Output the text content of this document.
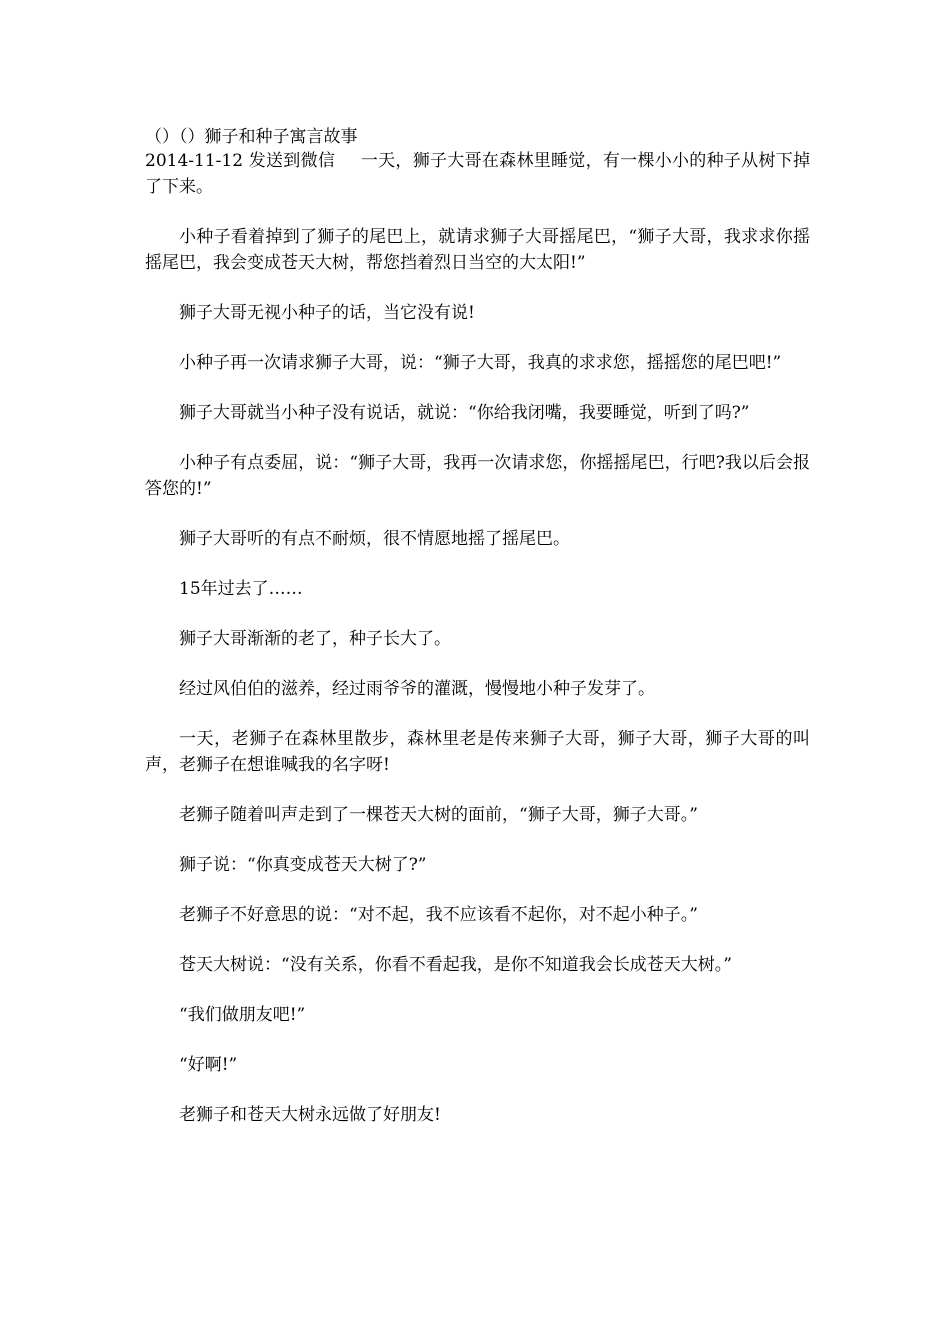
（）（）狮子和种子寓言故事

2014-11-12 发送到微信 一天，狮子大哥在森林里睡觉，有一棵小小的种子从树下掉了下来。

小种子看着掉到了狮子的尾巴上，就请求狮子大哥摇尾巴，“狮子大哥，我求求你摇摇尾巴，我会变成苍天大树，帮您挡着烈日当空的大太阳!”

狮子大哥无视小种子的话，当它没有说!

小种子再一次请求狮子大哥，说：“狮子大哥，我真的求求您，摇摇您的尾巴吧!”

狮子大哥就当小种子没有说话，就说：“你给我闭嘴，我要睡觉，听到了吗?”

小种子有点委屈，说：“狮子大哥，我再一次请求您，你摇摇尾巴，行吧?我以后会报答您的!”

狮子大哥听的有点不耐烦，很不情愿地摇了摇尾巴。

15年过去了……

狮子大哥渐渐的老了，种子长大了。

经过风伯伯的滋养，经过雨爷爷的灌溉，慢慢地小种子发芽了。

一天，老狮子在森林里散步，森林里老是传来狮子大哥，狮子大哥，狮子大哥的叫声，老狮子在想谁喊我的名字呀!

老狮子随着叫声走到了一棵苍天大树的面前，“狮子大哥，狮子大哥。”

狮子说：“你真变成苍天大树了?”

老狮子不好意思的说：“对不起，我不应该看不起你，对不起小种子。”

苍天大树说：“没有关系，你看不看起我，是你不知道我会长成苍天大树。”

“我们做朋友吧!”

“好啊!”

老狮子和苍天大树永远做了好朋友!
